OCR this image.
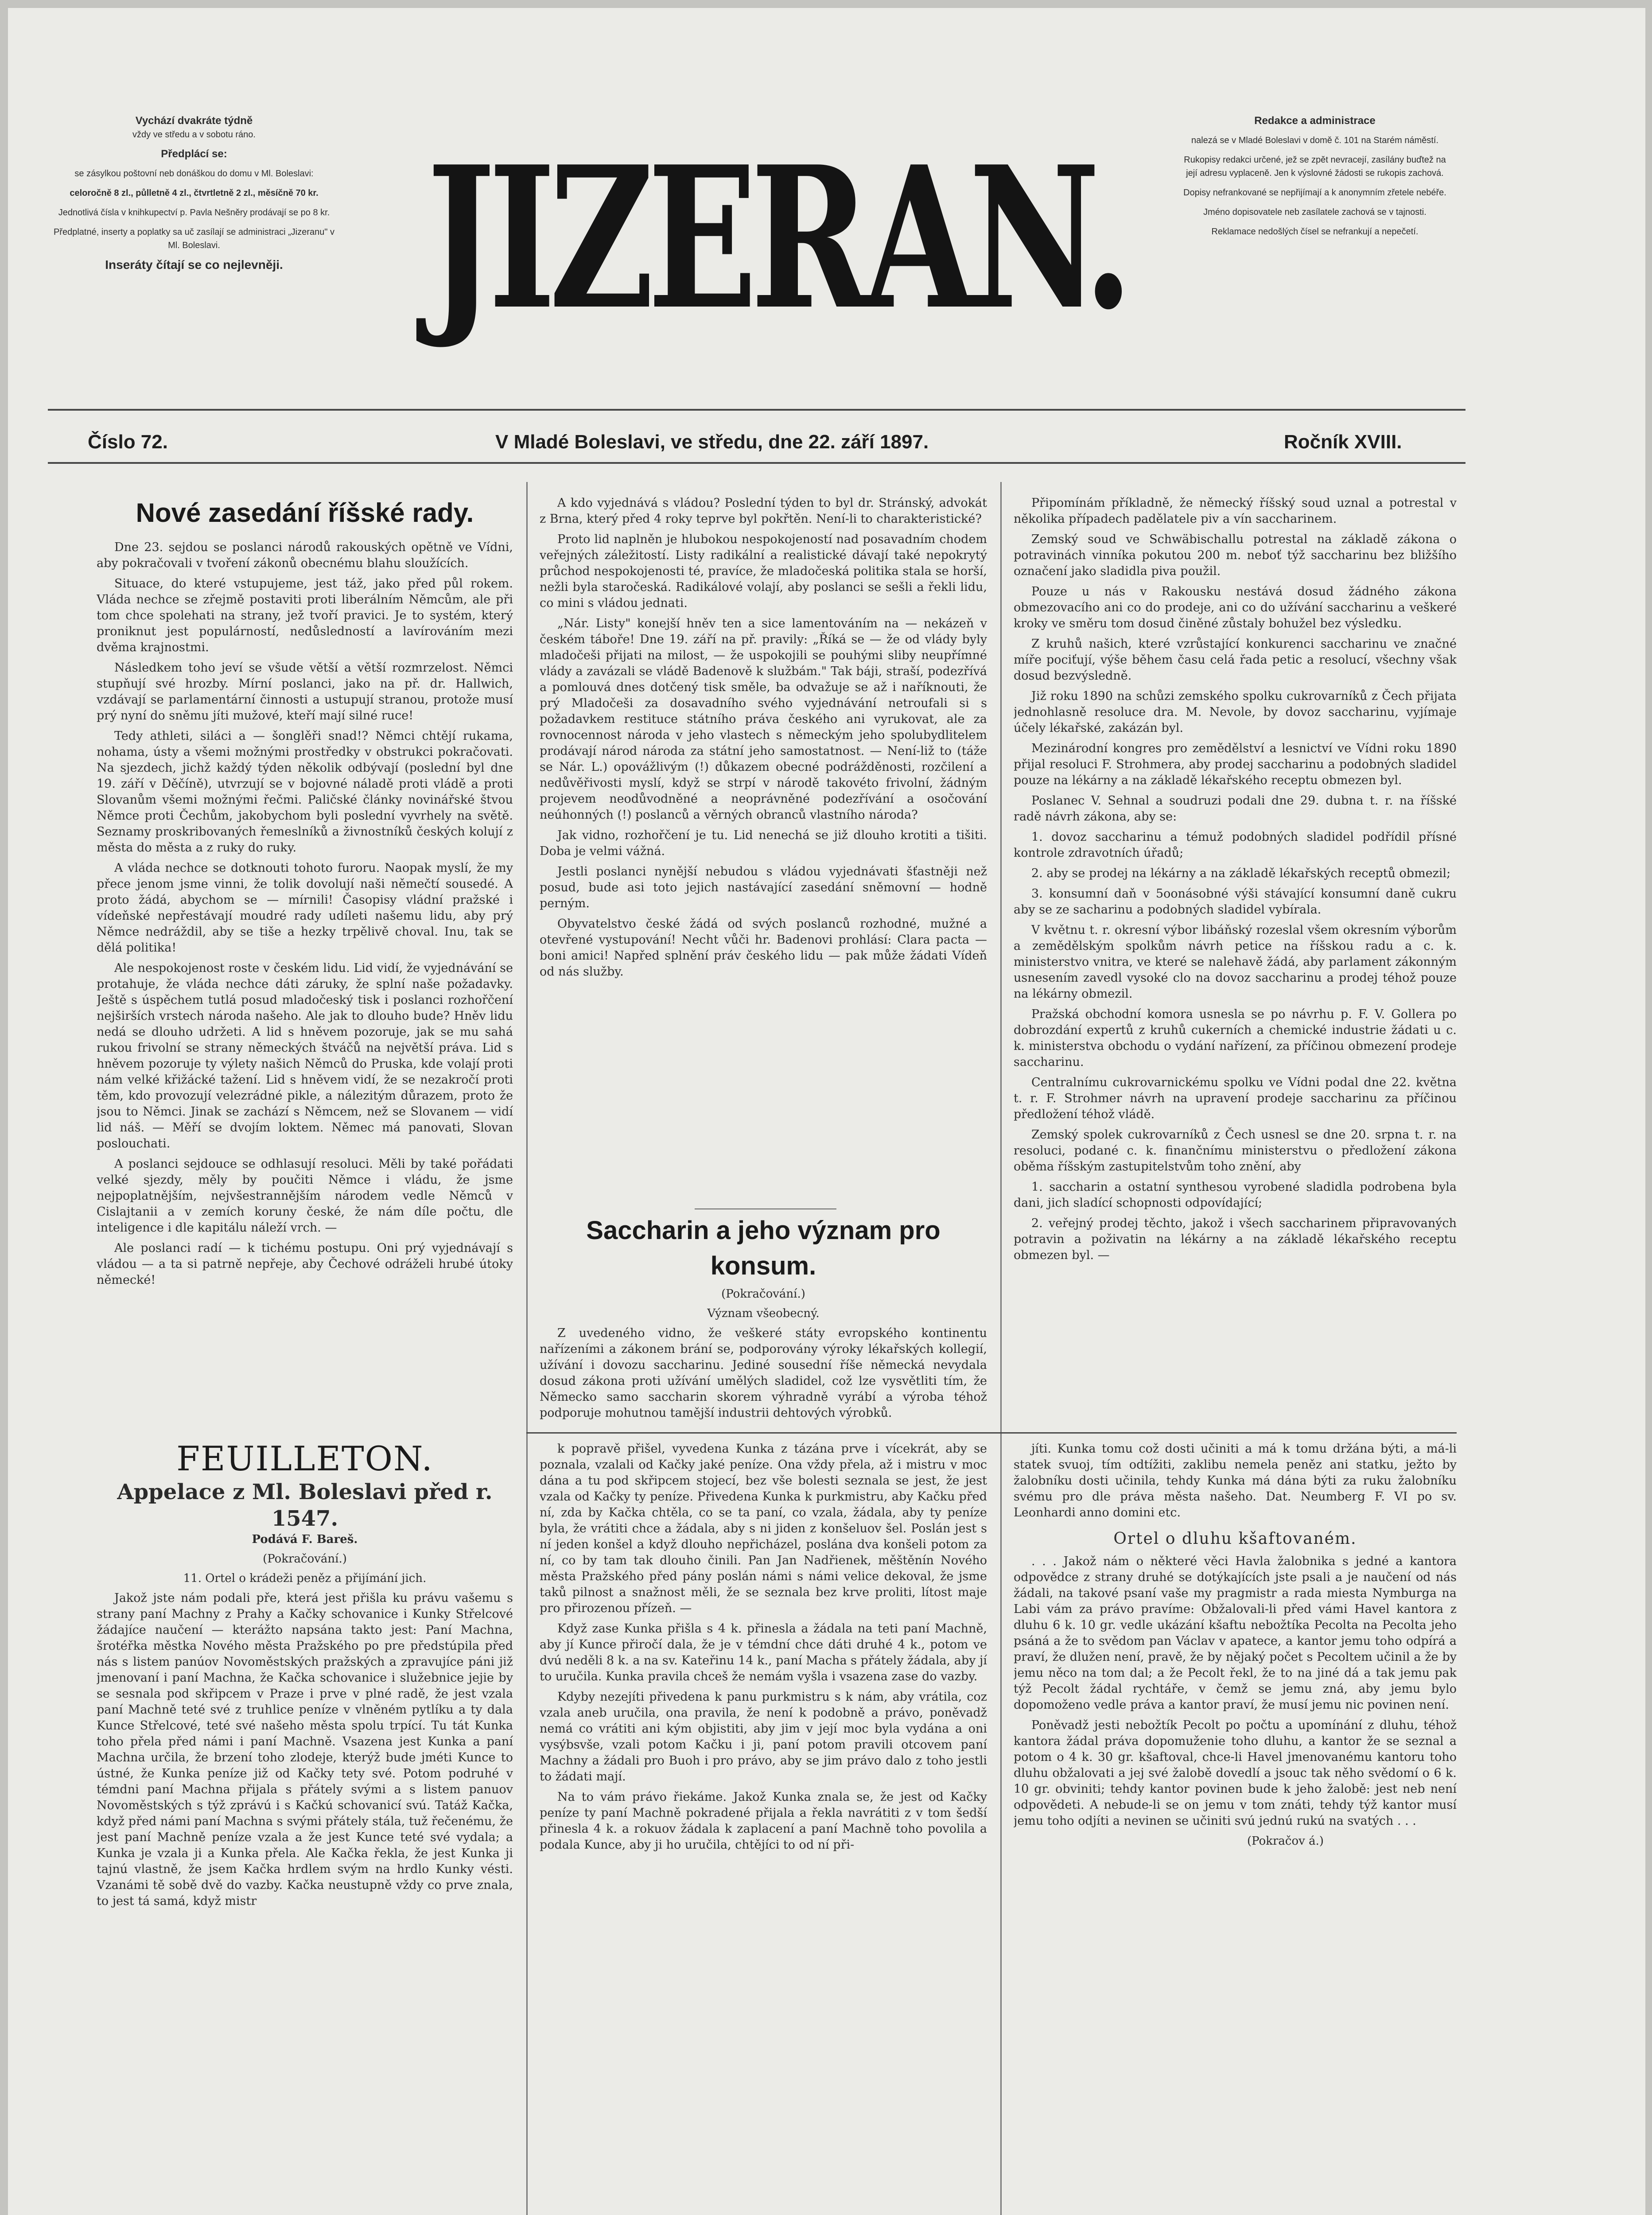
Vychází dvakráte týdně
vždy ve středu a v sobotu ráno.

Předplácí se:

se zásylkou poštovní neb donáškou do domu v Ml. Boleslavi:

celoročně 8 zl., půlletně 4 zl., čtvrtletně 2 zl., měsíčně 70 kr.

Jednotlivá čísla v knihkupectví p. Pavla Nešněry prodávají se po 8 kr.

Předplatné, inserty a poplatky sa uč zasílají se administraci „Jizeranu" v Ml. Boleslavi.

Inseráty čítají se co nejlevněji. JIZERAN.

Redakce a administrace

nalezá se v Mladé Boleslavi v domě č. 101 na Starém náměstí.

Rukopisy redakci určené, jež se zpět nevracejí, zasílány buďtež na její adresu vyplaceně. Jen k výslovné žádosti se rukopis zachová.

Dopisy nefrankované se nepřijímají a k anonymním zřetele nebéře.

Jméno dopisovatele neb zasílatele zachová se v tajnosti.

Reklamace nedošlých čísel se nefrankují a nepečetí.

Číslo 72.	V Mladé Boleslavi, ve středu, dne 22. září 1897.	Ročník XVIII.
Nové zasedání říšské rady.

Dne 23. sejdou se poslanci národů rakouských opětně ve Vídni, aby pokračovali v tvoření zákonů obecnému blahu sloužících.

Situace, do které vstupujeme, jest táž, jako před půl rokem. Vláda nechce se zřejmě postaviti proti liberálním Němcům, ale při tom chce spolehati na strany, jež tvoří pravici. Je to systém, který proniknut jest populárností, nedůsledností a lavírováním mezi dvěma krajnostmi.

Následkem toho jeví se všude větší a větší rozmrzelost. Němci stupňují své hrozby. Mírní poslanci, jako na př. dr. Hallwich, vzdávají se parlamentární činnosti a ustupují stranou, protože musí prý nyní do sněmu jíti mužové, kteří mají silné ruce!

Tedy athleti, siláci a — šonglěři snad!? Němci chtějí rukama, nohama, ústy a všemi možnými prostředky v obstrukci pokračovati. Na sjezdech, jichž každý týden několik odbývají (poslední byl dne 19. září v Děčíně), utvrzují se v bojovné náladě proti vládě a proti Slovanům všemi možnými řečmi. Paličské články novinářské štvou Němce proti Čechům, jakobychom byli poslední vyvrhely na světě. Seznamy proskribovaných řemeslníků a živnostníků českých kolují z města do města a z ruky do ruky.

A vláda nechce se dotknouti tohoto furoru. Naopak myslí, že my přece jenom jsme vinni, že tolik dovolují naši němečtí sousedé. A proto žádá, abychom se — mírnili! Časopisy vládní pražské i vídeňské nepřestávají moudré rady udíleti našemu lidu, aby prý Němce nedráždil, aby se tiše a hezky trpělivě choval. Inu, tak se dělá politika!

Ale nespokojenost roste v českém lidu. Lid vidí, že vyjednávání se protahuje, že vláda nechce dáti záruky, že splní naše požadavky. Ještě s úspěchem tutlá posud mladočeský tisk i poslanci rozhořčení nejširších vrstech národa našeho. Ale jak to dlouho bude? Hněv lidu nedá se dlouho udržeti. A lid s hněvem pozoruje, jak se mu sahá rukou frivolní se strany německých štváčů na největší práva. Lid s hněvem pozoruje ty výlety našich Němců do Pruska, kde volají proti nám velké křižácké tažení. Lid s hněvem vidí, že se nezakročí proti těm, kdo provozují velezrádné pikle, a nálezitým důrazem, proto že jsou to Němci. Jinak se zachází s Němcem, než se Slovanem — vidí lid náš. — Měří se dvojím loktem. Němec má panovati, Slovan poslouchati.

A poslanci sejdouce se odhlasují resoluci. Měli by také pořádati velké sjezdy, měly by poučiti Němce i vládu, že jsme nejpoplatnějším, nejvšestrannějším národem vedle Němců v Cislajtanii a v zemích koruny české, že nám díle počtu, dle inteligence i dle kapitálu náleží vrch. —

Ale poslanci radí — k tichému postupu. Oni prý vyjednávají s vládou — a ta si patrně nepřeje, aby Čechové odráželi hrubé útoky německé!

FEUILLETON.
Appelace z Ml. Boleslavi před r. 1547.

Podává F. Bareš.

(Pokračování.)

11. Ortel o krádeži peněz a přijímání jich.

Jakož jste nám podali pře, která jest přišla ku právu vašemu s strany paní Machny z Prahy a Kačky schovanice i Kunky Střelcové žádajíce naučení — kterážto napsána takto jest: Paní Machna, šrotéřka městka Nového města Pražského po pre předstúpila před nás s listem panúov Novoměstských pražských a zpravujíce páni již jmenovaní i paní Machna, že Kačka schovanice i služebnice jejie by se sesnala pod skřipcem v Praze i prve v plné radě, že jest vzala paní Machně teté své z truhlice peníze v vlněném pytlíku a ty dala Kunce Střelcové, teté své našeho města spolu trpící. Tu tát Kunka toho přela před námi i paní Machně. Vsazena jest Kunka a paní Machna určila, že brzení toho zlodeje, kterýž bude jméti Kunce to ústné, že Kunka peníze již od Kačky tety své. Potom podruhé v témdni paní Machna přijala s přátely svými a s listem panuov Novoměstských s týž zprávú i s Kačkú schovanicí svú. Tatáž Kačka, když před námi paní Machna s svými přátely stála, tuž řečenému, že jest paní Machně peníze vzala a že jest Kunce teté své vydala; a Kunka je vzala ji a Kunka přela. Ale Kačka řekla, že jest Kunka ji tajnú vlastně, že jsem Kačka hrdlem svým na hrdlo Kunky vésti. Vzanámi tě sobě dvě do vazby. Kačka neustupně vždy co prve znala, to jest tá samá, když mistr

A kdo vyjednává s vládou? Poslední týden to byl dr. Stránský, advokát z Brna, který před 4 roky teprve byl pokřtěn. Není-li to charakteristické?

Proto lid naplněn je hlubokou nespokojeností nad posavadním chodem veřejných záležitostí. Listy radikální a realistické dávají také nepokrytý průchod nespokojenosti té, pravíce, že mladočeská politika stala se horší, nežli byla staročeská. Radikálové volají, aby poslanci se sešli a řekli lidu, co mini s vládou jednati.

„Nár. Listy" konejší hněv ten a sice lamentováním na — nekázeň v českém táboře! Dne 19. září na př. pravily: „Říká se — že od vlády byly mladočeši přijati na milost, — že uspokojili se pouhými sliby neupřímné vlády a zavázali se vládě Badenově k službám." Tak báji, straší, podezřívá a pomlouvá dnes dotčený tisk směle, ba odvažuje se až i naříknouti, že prý Mladočeši za dosavadního svého vyjednávání netroufali si s požadavkem restituce státního práva českého ani vyrukovat, ale za rovnocennost národa v jeho vlastech s německým jeho spolubydlitelem prodávají národ národa za státní jeho samostatnost. — Není-liž to (táže se Nár. L.) opovážlivým (!) důkazem obecné podrážděnosti, rozčilení a nedůvěřivosti myslí, když se strpí v národě takovéto frivolní, žádným projevem neodůvodněné a neoprávněné podezřívání a osočování neúhonných (!) poslanců a věrných obranců vlastního národa?

Jak vidno, rozhořčení je tu. Lid nenechá se již dlouho krotiti a tišiti. Doba je velmi vážná.

Jestli poslanci nynější nebudou s vládou vyjednávati šťastněji než posud, bude asi toto jejich nastávající zasedání sněmovní — hodně perným.

Obyvatelstvo české žádá od svých poslanců rozhodné, mužné a otevřené vystupování! Necht vůči hr. Badenovi prohlásí: Clara pacta — boni amici! Napřed splnění práv českého lidu — pak může žádati Vídeň od nás služby.

Saccharin a jeho význam pro konsum.

(Pokračování.)

Význam všeobecný.

Z uvedeného vidno, že veškeré státy evropského kontinentu nařízeními a zákonem brání se, podporovány výroky lékařských kollegií, užívání i dovozu saccharinu. Jediné sousední říše německá nevydala dosud zákona proti užívání umělých sladidel, což lze vysvětliti tím, že Německo samo saccharin skorem výhradně vyrábí a výroba téhož podporuje mohutnou tamější industrii dehtových výrobků.

Připomínám příkladně, že německý říšský soud uznal a potrestal v několika případech padělatele piv a vín saccharinem.

Zemský soud ve Schwäbischallu potrestal na základě zákona o potravinách vinníka pokutou 200 m. neboť týž saccharinu bez bližšího označení jako sladidla piva použil.

Pouze u nás v Rakousku nestává dosud žádného zákona obmezovacího ani co do prodeje, ani co do užívání saccharinu a veškeré kroky ve směru tom dosud činěné zůstaly bohužel bez výsledku.

Z kruhů našich, které vzrůstající konkurenci saccharinu ve značné míře pociťují, výše během času celá řada petic a resolucí, všechny však dosud bezvýsledně.

Již roku 1890 na schůzi zemského spolku cukrovarníků z Čech přijata jednohlasně resoluce dra. M. Nevole, by dovoz saccharinu, vyjímaje účely lékařské, zakázán byl.

Mezinárodní kongres pro zemědělství a lesnictví ve Vídni roku 1890 přijal resoluci F. Strohmera, aby prodej saccharinu a podobných sladidel pouze na lékárny a na základě lékařského receptu obmezen byl.

Poslanec V. Sehnal a soudruzi podali dne 29. dubna t. r. na říšské radě návrh zákona, aby se:

1. dovoz saccharinu a témuž podobných sladidel podřídil přísné kontrole zdravotních úřadů;

2. aby se prodej na lékárny a na základě lékařských receptů obmezil;

3. konsumní daň v 5oonásobné výši stávající konsumní daně cukru aby se ze sacharinu a podobných sladidel vybírala.

V květnu t. r. okresní výbor libáňský rozeslal všem okresním výborům a zemědělským spolkům návrh petice na říšskou radu a c. k. ministerstvo vnitra, ve které se nalehavě žádá, aby parlament zákonným usnesením zavedl vysoké clo na dovoz saccharinu a prodej téhož pouze na lékárny obmezil.

Pražská obchodní komora usnesla se po návrhu p. F. V. Gollera po dobrozdání expertů z kruhů cukerních a chemické industrie žádati u c. k. ministerstva obchodu o vydání nařízení, za příčinou obmezení prodeje saccharinu.

Centralnímu cukrovarnickému spolku ve Vídni podal dne 22. května t. r. F. Strohmer návrh na upravení prodeje saccharinu za příčinou předložení téhož vládě.

Zemský spolek cukrovarníků z Čech usnesl se dne 20. srpna t. r. na resoluci, podané c. k. finančnímu ministerstvu o předložení zákona oběma říšským zastupitelstvům toho znění, aby

1. saccharin a ostatní synthesou vyrobené sladidla podrobena byla dani, jich sladící schopnosti odpovídající;

2. veřejný prodej těchto, jakož i všech saccharinem připravovaných potravin a poživatin na lékárny a na základě lékařského receptu obmezen byl. —

k popravě přišel, vyvedena Kunka z tázána prve i vícekrát, aby se poznala, vzalali od Kačky jaké peníze. Ona vždy přela, až i mistru v moc dána a tu pod skřipcem stojecí, bez vše bolesti seznala se jest, že jest vzala od Kačky ty peníze. Přivedena Kunka k purkmistru, aby Kačku před ní, zda by Kačka chtěla, co se ta paní, co vzala, žádala, aby ty peníze byla, že vrátiti chce a žádala, aby s ni jiden z konšeluov šel. Poslán jest s ní jeden konšel a když dlouho nepřicházel, poslána dva konšeli potom za ní, co by tam tak dlouho činili. Pan Jan Nadřienek, měštěnín Nového města Pražského před pány poslán námi s námi velice dekoval, že jsme taků pilnost a snažnost měli, že se seznala bez krve proliti, lítost maje pro přirozenou přízeň. —

Když zase Kunka přišla s 4 k. přinesla a žádala na teti paní Machně, aby jí Kunce přiročí dala, že je v témdní chce dáti druhé 4 k., potom ve dvú neděli 8 k. a na sv. Kateřinu 14 k., paní Macha s přátely žádala, aby jí to uručila. Kunka pravila chceš že nemám vyšla i vsazena zase do vazby.

Kdyby nezejíti přivedena k panu purkmistru s k nám, aby vrátila, coz vzala aneb uručila, ona pravila, že není k podobně a právo, poněvadž nemá co vrátiti ani kým objistiti, aby jim v její moc byla vydána a oni vysýbsvše, vzali potom Kačku i ji, paní potom pravili otcovem paní Machny a žádali pro Buoh i pro právo, aby se jim právo dalo z toho jestli to žádati mají.

Na to vám právo řiekáme. Jakož Kunka znala se, že jest od Kačky peníze ty paní Machně pokradené přijala a řekla navrátiti z v tom šedší přinesla 4 k. a rokuov žádala k zaplacení a paní Machně toho povolila a podala Kunce, aby ji ho uručila, chtějíci to od ní při-

jíti. Kunka tomu což dosti učiniti a má k tomu držána býti, a má-li statek svuoj, tím odtížiti, zaklibu nemela peněz ani statku, ježto by žalobníku dosti učinila, tehdy Kunka má dána býti za ruku žalobníku svému pro dle práva města našeho. Dat. Neumberg F. VI po sv. Leonhardi anno domini etc.

Ortel o dluhu kšaftovaném.

. . . Jakož nám o některé věci Havla žalobnika s jedné a kantora odpovědce z strany druhé se dotýkajících jste psali a je naučení od nás žádali, na takové psaní vaše my pragmistr a rada miesta Nymburga na Labi vám za právo pravíme: Obžalovali-li před vámi Havel kantora z dluhu 6 k. 10 gr. vedle ukázání kšaftu nebožtíka Pecolta na Pecolta jeho psáná a že to svědom pan Václav v apatece, a kantor jemu toho odpírá a praví, že dlužen není, pravě, že by nějaký počet s Pecoltem učinil a že by jemu něco na tom dal; a že Pecolt řekl, že to na jiné dá a tak jemu pak týž Pecolt žádal rychtáře, v čemž se jemu zná, aby jemu bylo dopomoženo vedle práva a kantor praví, že musí jemu nic povinen není.

Poněvadž jesti nebožtík Pecolt po počtu a upomínání z dluhu, téhož kantora žádal práva dopomuženie toho dluhu, a kantor že se seznal a potom o 4 k. 30 gr. kšaftoval, chce-li Havel jmenovanému kantoru toho dluhu obžalovati a jej své žalobě dovedlí a jsouc tak něho svědomí o 6 k. 10 gr. obviniti; tehdy kantor povinen bude k jeho žalobě: jest neb není odpovědeti. A nebude-li se on jemu v tom znáti, tehdy týž kantor musí jemu toho odjíti a nevinen se učiniti svú jednú rukú na svatých . . .

(Pokračov á.)
